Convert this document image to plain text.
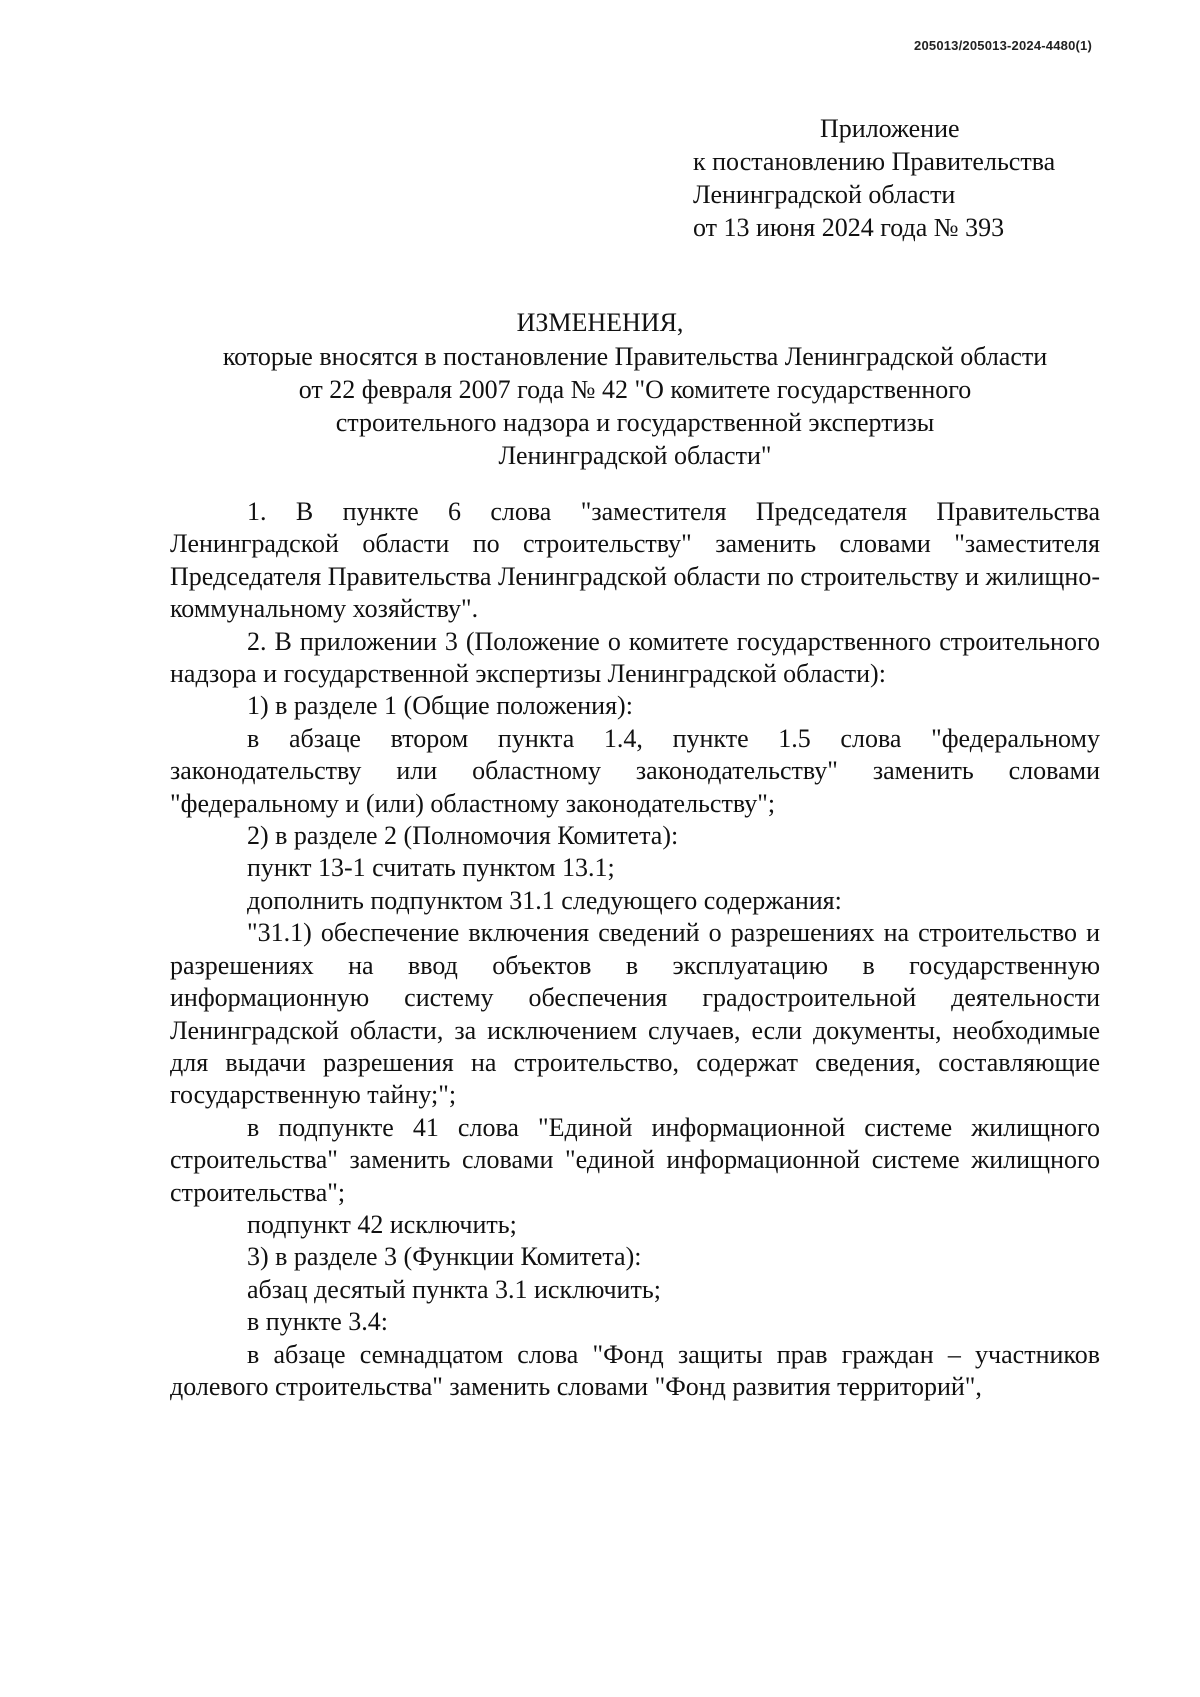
205013/205013-2024-4480(1)
Приложение
к постановлению Правительства
Ленинградской области
от 13 июня 2024 года № 393
ИЗМЕНЕНИЯ,
которые вносятся в постановление Правительства Ленинградской области
от 22 февраля 2007 года № 42 "О комитете государственного
строительного надзора и государственной экспертизы
Ленинградской области"

1. В пункте 6 слова "заместителя Председателя Правительства Ленинградской области по строительству" заменить словами "заместителя Председателя Правительства Ленинградской области по строительству и жилищно-коммунальному хозяйству".

2. В приложении 3 (Положение о комитете государственного строительного надзора и государственной экспертизы Ленинградской области):

1) в разделе 1 (Общие положения):

в абзаце втором пункта 1.4, пункте 1.5 слова "федеральному законодательству или областному законодательству" заменить словами "федеральному и (или) областному законодательству";

2) в разделе 2 (Полномочия Комитета):

пункт 13-1 считать пунктом 13.1;

дополнить подпунктом 31.1 следующего содержания:

"31.1) обеспечение включения сведений о разрешениях на строительство и разрешениях на ввод объектов в эксплуатацию в государственную информационную систему обеспечения градостроительной деятельности Ленинградской области, за исключением случаев, если документы, необходимые для выдачи разрешения на строительство, содержат сведения, составляющие государственную тайну;";

в подпункте 41 слова "Единой информационной системе жилищного строительства" заменить словами "единой информационной системе жилищного строительства";

подпункт 42 исключить;

3) в разделе 3 (Функции Комитета):

абзац десятый пункта 3.1 исключить;

в пункте 3.4:

в абзаце семнадцатом слова "Фонд защиты прав граждан – участников долевого строительства" заменить словами "Фонд развития территорий",
